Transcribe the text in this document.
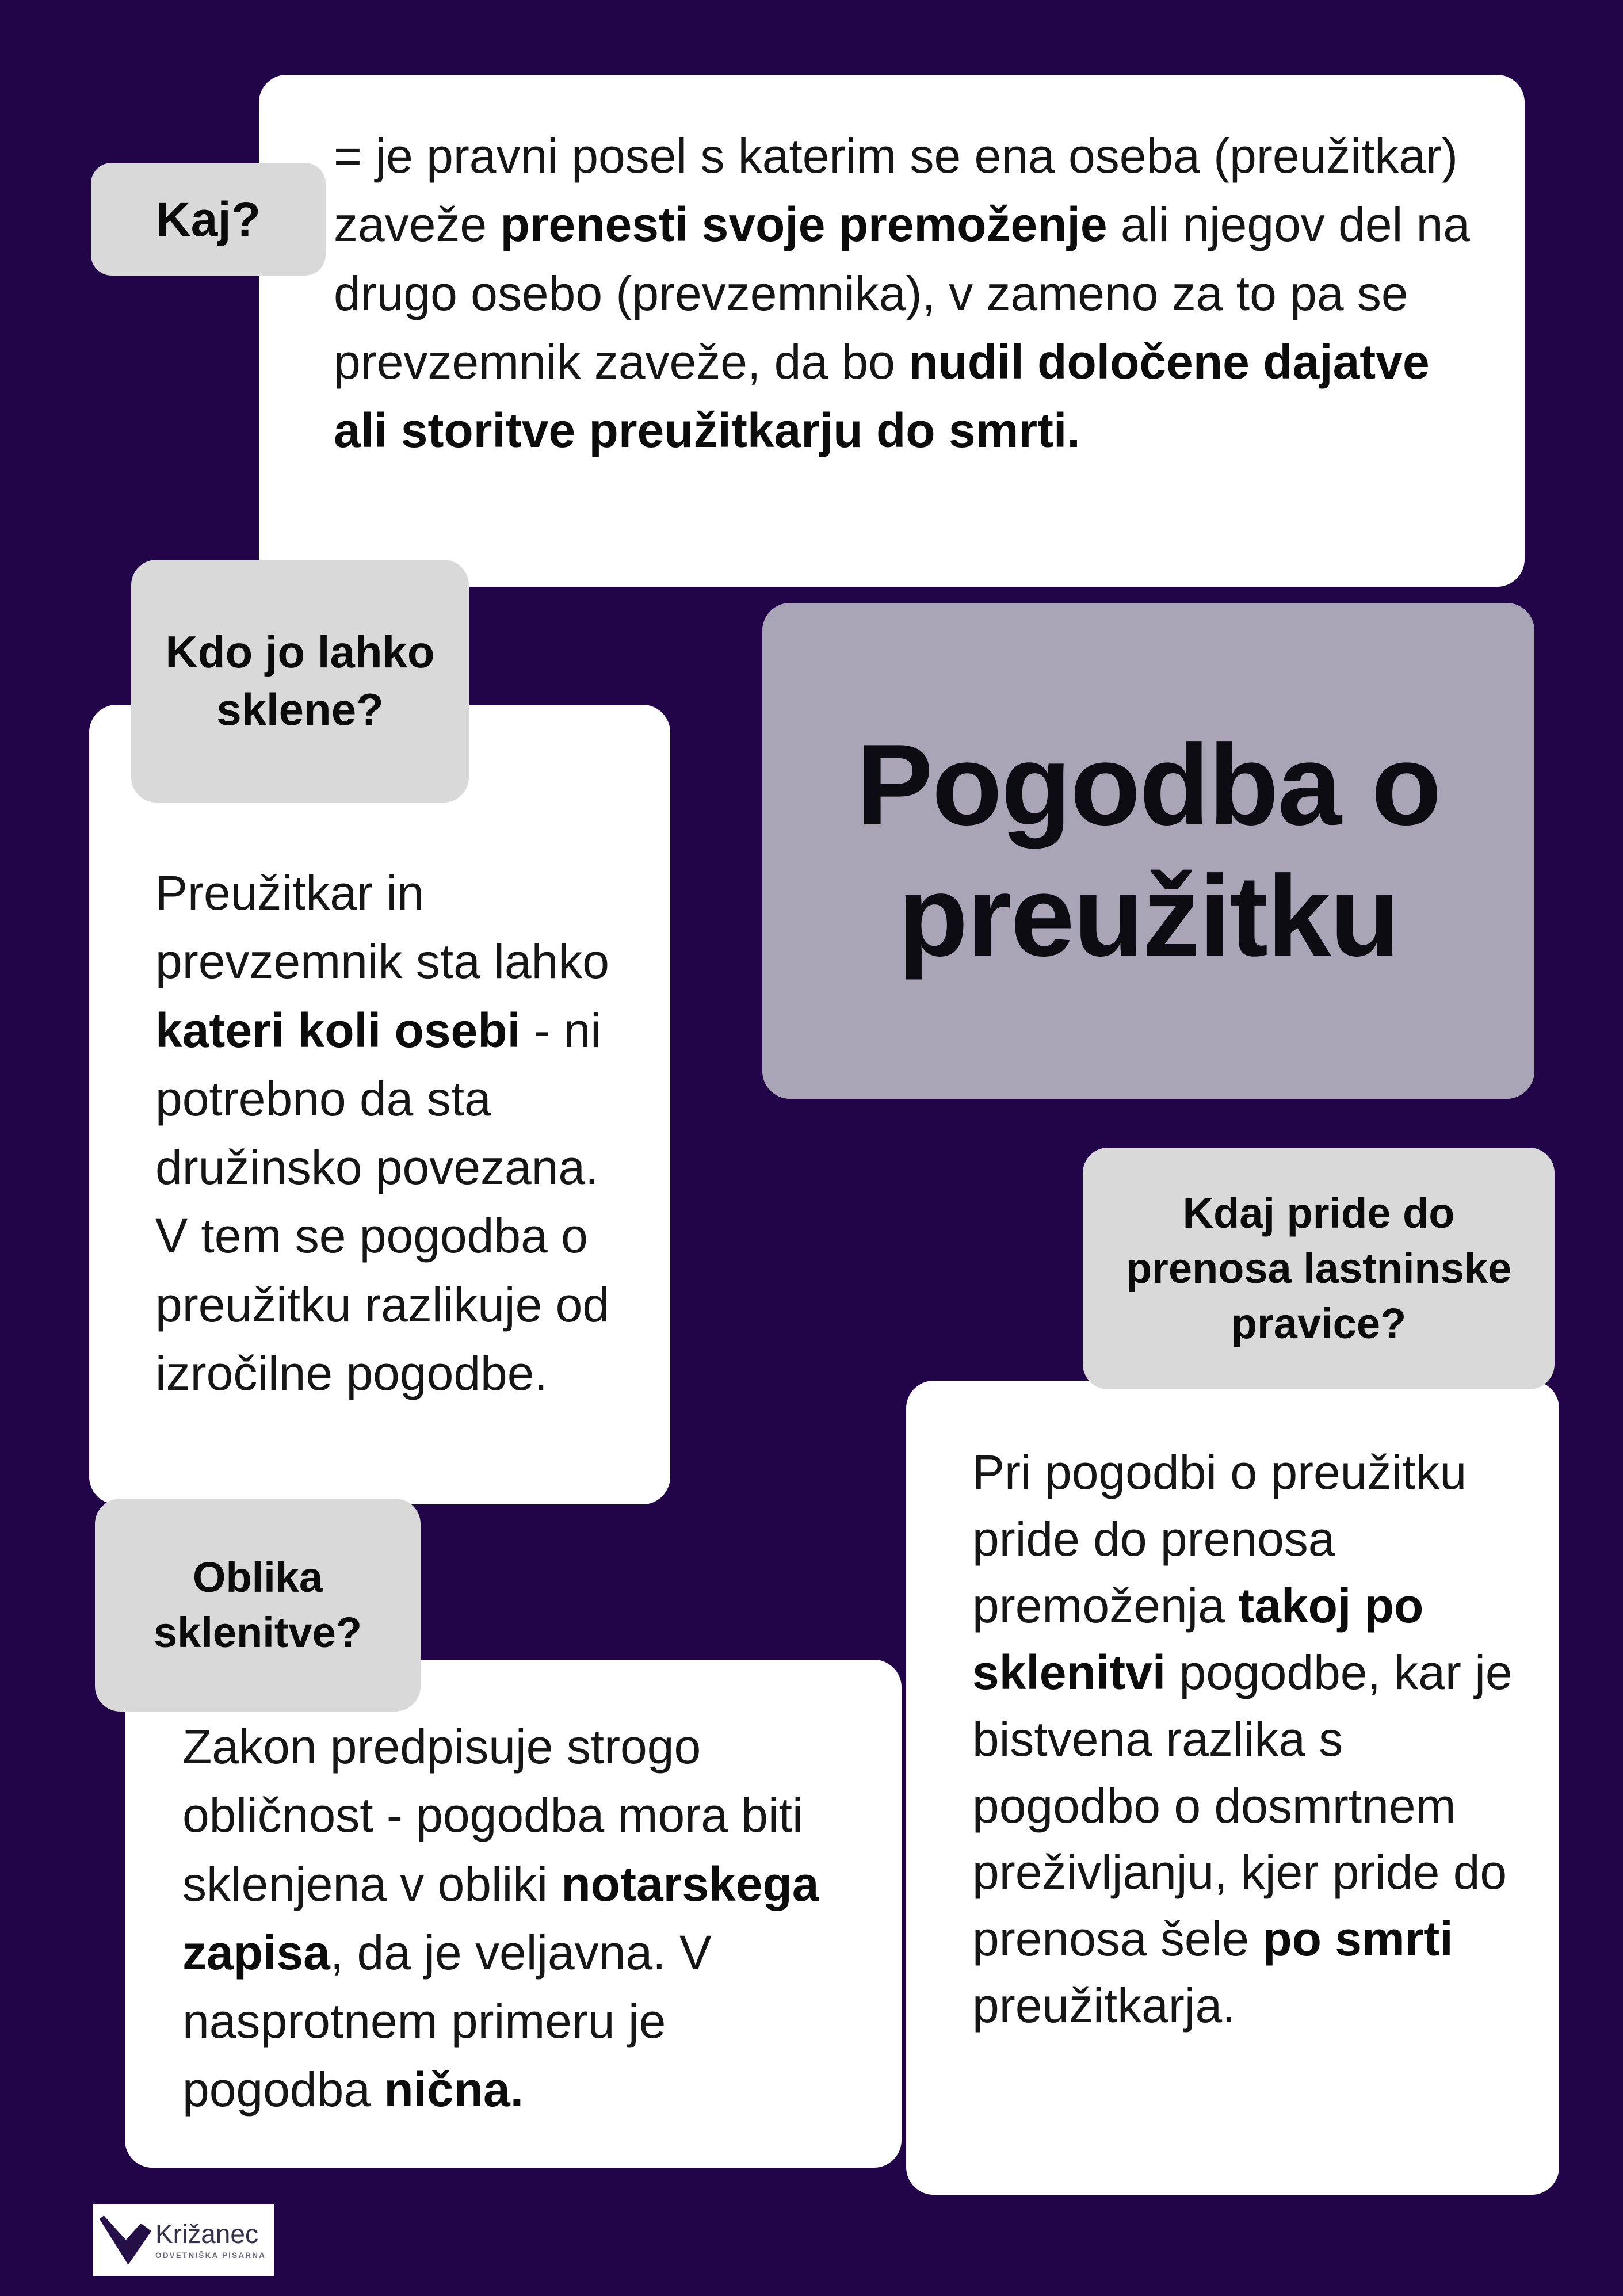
Kaj?

= je pravni posel s katerim se ena oseba (preužitkar) zaveže prenesti svoje premoženje ali njegov del na drugo osebo (prevzemnika), v zameno za to pa se prevzemnik zaveže, da bo nudil določene dajatve ali storitve preužitkarju do smrti.

Kdo jo lahko sklene?

Preužitkar in prevzemnik sta lahko kateri koli osebi - ni potrebno da sta družinsko povezana. V tem se pogodba o preužitku razlikuje od izročilne pogodbe.

Pogodba o preužitku
Kdaj pride do prenosa lastninske pravice?

Pri pogodbi o preužitku pride do prenosa premoženja takoj po sklenitvi pogodbe, kar je bistvena razlika s pogodbo o dosmrtnem preživljanju, kjer pride do prenosa šele po smrti preužitkarja.

Oblika sklenitve?

Zakon predpisuje strogo obličnost - pogodba mora biti sklenjena v obliki notarskega zapisa, da je veljavna. V nasprotnem primeru je pogodba nična.

Križanec
ODVETNIŠKA PISARNA
